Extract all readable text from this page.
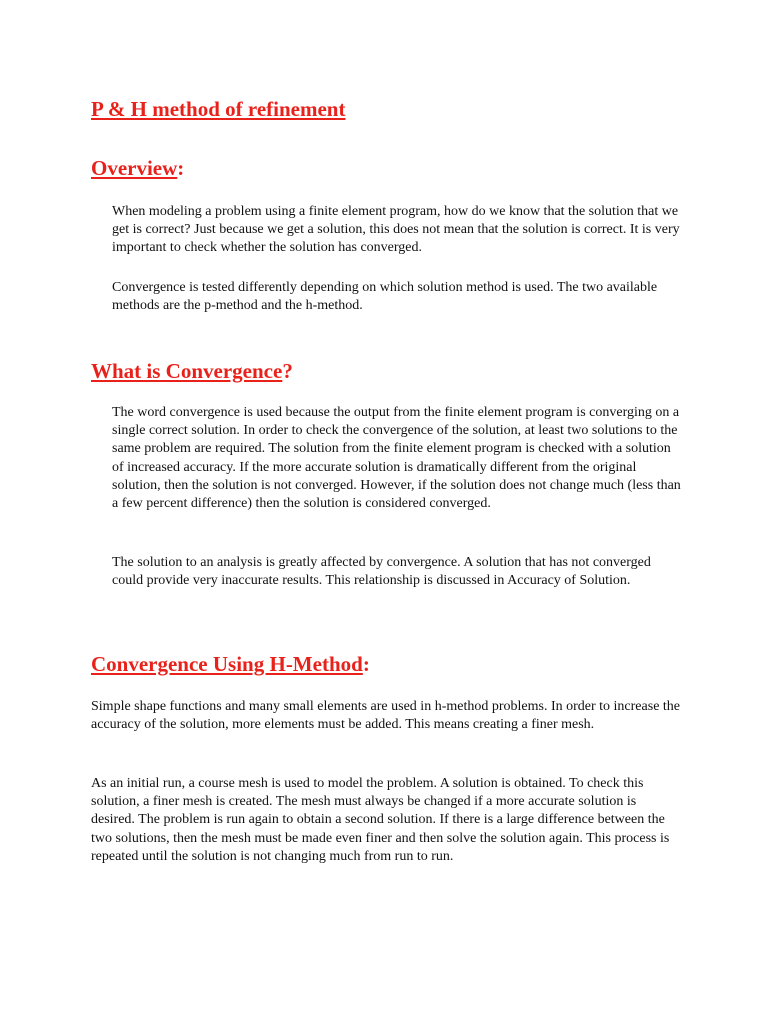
P & H method of refinement
Overview:

When modeling a problem using a finite element program, how do we know that the solution that we get is correct? Just because we get a solution, this does not mean that the solution is correct. It is very important to check whether the solution has converged.

Convergence is tested differently depending on which solution method is used. The two available methods are the p-method and the h-method.

What is Convergence?

The word convergence is used because the output from the finite element program is converging on a single correct solution. In order to check the convergence of the solution, at least two solutions to the same problem are required. The solution from the finite element program is checked with a solution of increased accuracy. If the more accurate solution is dramatically different from the original solution, then the solution is not converged. However, if the solution does not change much (less than a few percent difference) then the solution is considered converged.

The solution to an analysis is greatly affected by convergence. A solution that has not converged could provide very inaccurate results. This relationship is discussed in Accuracy of Solution.

Convergence Using H-Method:

Simple shape functions and many small elements are used in h-method problems. In order to increase the accuracy of the solution, more elements must be added. This means creating a finer mesh.

As an initial run, a course mesh is used to model the problem. A solution is obtained. To check this solution, a finer mesh is created. The mesh must always be changed if a more accurate solution is desired. The problem is run again to obtain a second solution. If there is a large difference between the two solutions, then the mesh must be made even finer and then solve the solution again. This process is repeated until the solution is not changing much from run to run.
